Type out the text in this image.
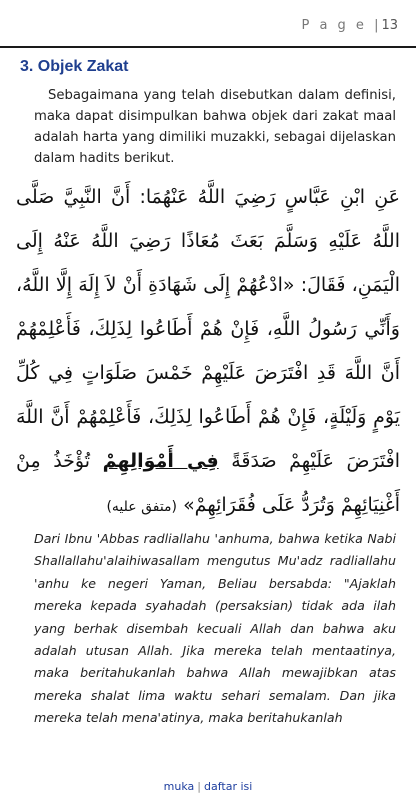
P a g e |13
3. Objek Zakat

Sebagaimana yang telah disebutkan dalam definisi, maka dapat disimpulkan bahwa objek dari zakat maal adalah harta yang dimiliki muzakki, sebagai dijelaskan dalam hadits berikut.

عَنِ ابْنِ عَبَّاسٍ رَضِيَ اللَّهُ عَنْهُمَا: أَنَّ النَّبِيَّ صَلَّى اللَّهُ عَلَيْهِ وَسَلَّمَ بَعَثَ مُعَاذًا رَضِيَ اللَّهُ عَنْهُ إِلَى الْيَمَنِ، فَقَالَ: «ادْعُهُمْ إِلَى شَهَادَةِ أَنْ لاَ إِلَهَ إِلَّا اللَّهُ، وَأَنِّي رَسُولُ اللَّهِ، فَإِنْ هُمْ أَطَاعُوا لِذَلِكَ، فَأَعْلِمْهُمْ أَنَّ اللَّهَ قَدِ افْتَرَضَ عَلَيْهِمْ خَمْسَ صَلَوَاتٍ فِي كُلِّ يَوْمٍ وَلَيْلَةٍ، فَإِنْ هُمْ أَطَاعُوا لِذَلِكَ، فَأَعْلِمْهُمْ أَنَّ اللَّهَ افْتَرَضَ عَلَيْهِمْ صَدَقَةً فِي أَمْوَالِهِمْ تُؤْخَذُ مِنْ أَغْنِيَائِهِمْ وَتُرَدُّ عَلَى فُقَرَائِهِمْ» (متفق عليه)

Dari Ibnu 'Abbas radliallahu 'anhuma, bahwa ketika Nabi Shallallahu'alaihiwasallam mengutus Mu'adz radliallahu 'anhu ke negeri Yaman, Beliau bersabda: "Ajaklah mereka kepada syahadah (persaksian) tidak ada ilah yang berhak disembah kecuali Allah dan bahwa aku adalah utusan Allah. Jika mereka telah mentaatinya, maka beritahukanlah bahwa Allah mewajibkan atas mereka shalat lima waktu sehari semalam. Dan jika mereka telah mena'atinya, maka beritahukanlah

muka | daftar isi
